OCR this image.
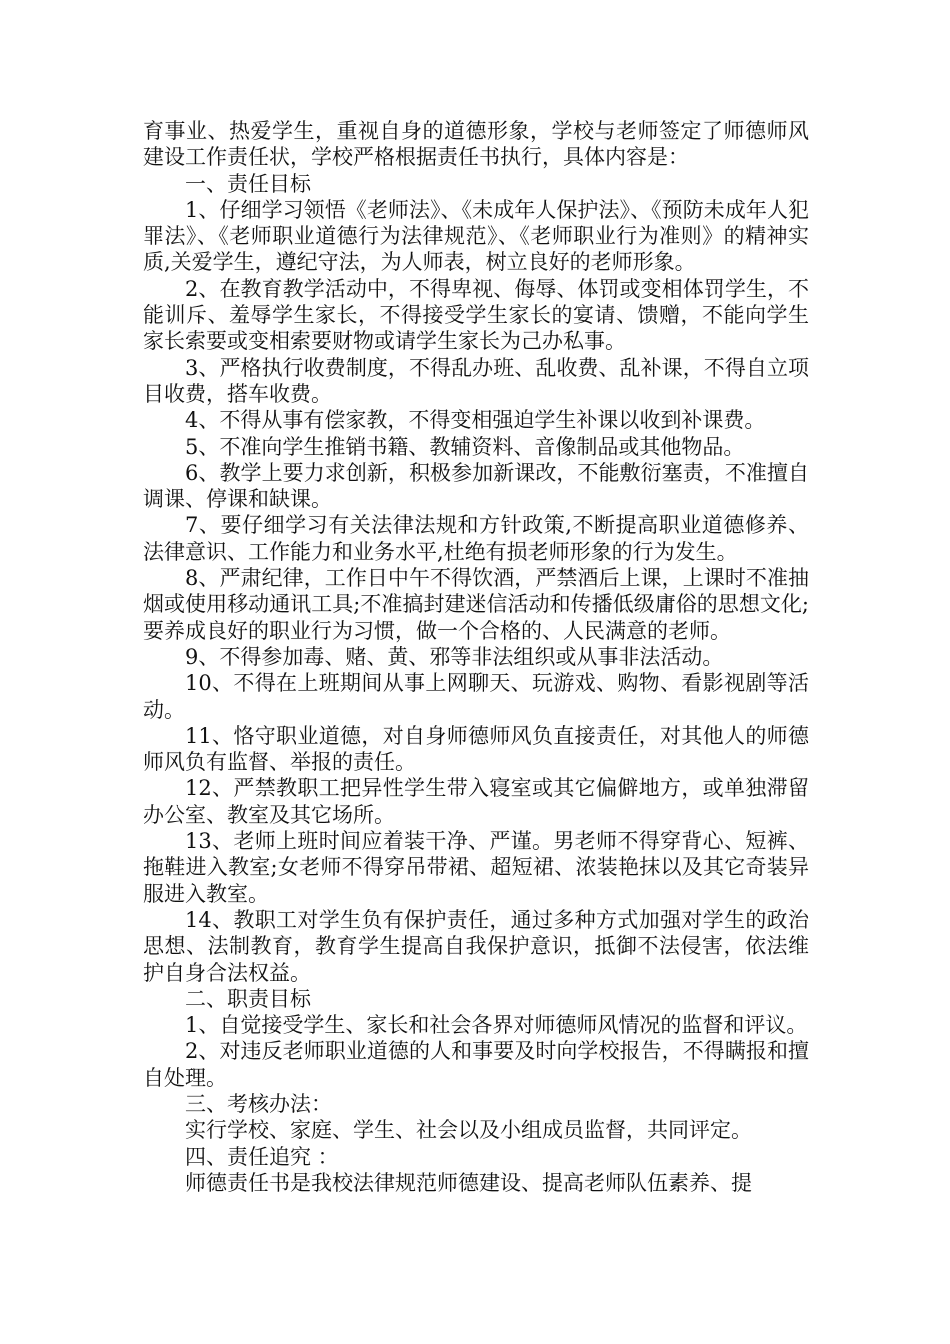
育事业、热爱学生，重视自身的道德形象，学校与老师签定了师德师风建设工作责任状，学校严格根据责任书执行，具体内容是：

一、责任目标

1、仔细学习领悟《老师法》、《未成年人保护法》、《预防未成年人犯罪法》、《老师职业道德行为法律规范》、《老师职业行为准则》的精神实质,关爱学生，遵纪守法，为人师表，树立良好的老师形象。

2、在教育教学活动中，不得卑视、侮辱、体罚或变相体罚学生，不能训斥、羞辱学生家长，不得接受学生家长的宴请、馈赠，不能向学生家长索要或变相索要财物或请学生家长为己办私事。

3、严格执行收费制度，不得乱办班、乱收费、乱补课，不得自立项目收费，搭车收费。

4、不得从事有偿家教，不得变相强迫学生补课以收到补课费。

5、不准向学生推销书籍、教辅资料、音像制品或其他物品。

6、教学上要力求创新，积极参加新课改，不能敷衍塞责，不准擅自调课、停课和缺课。

7、要仔细学习有关法律法规和方针政策,不断提高职业道德修养、法律意识、工作能力和业务水平,杜绝有损老师形象的行为发生。

8、严肃纪律，工作日中午不得饮酒，严禁酒后上课，上课时不准抽烟或使用移动通讯工具;不准搞封建迷信活动和传播低级庸俗的思想文化;要养成良好的职业行为习惯，做一个合格的、人民满意的老师。

9、不得参加毒、赌、黄、邪等非法组织或从事非法活动。

10、不得在上班期间从事上网聊天、玩游戏、购物、看影视剧等活动。

11、恪守职业道德，对自身师德师风负直接责任，对其他人的师德师风负有监督、举报的责任。

12、严禁教职工把异性学生带入寝室或其它偏僻地方，或单独滞留办公室、教室及其它场所。

13、老师上班时间应着装干净、严谨。男老师不得穿背心、短裤、拖鞋进入教室;女老师不得穿吊带裙、超短裙、浓装艳抹以及其它奇装异服进入教室。

14、教职工对学生负有保护责任，通过多种方式加强对学生的政治思想、法制教育，教育学生提高自我保护意识，抵御不法侵害，依法维护自身合法权益。

二、职责目标

1、自觉接受学生、家长和社会各界对师德师风情况的监督和评议。

2、对违反老师职业道德的人和事要及时向学校报告，不得瞒报和擅自处理。

三、考核办法：

实行学校、家庭、学生、社会以及小组成员监督，共同评定。

四、责任追究 ：

师德责任书是我校法律规范师德建设、提高老师队伍素养、提
